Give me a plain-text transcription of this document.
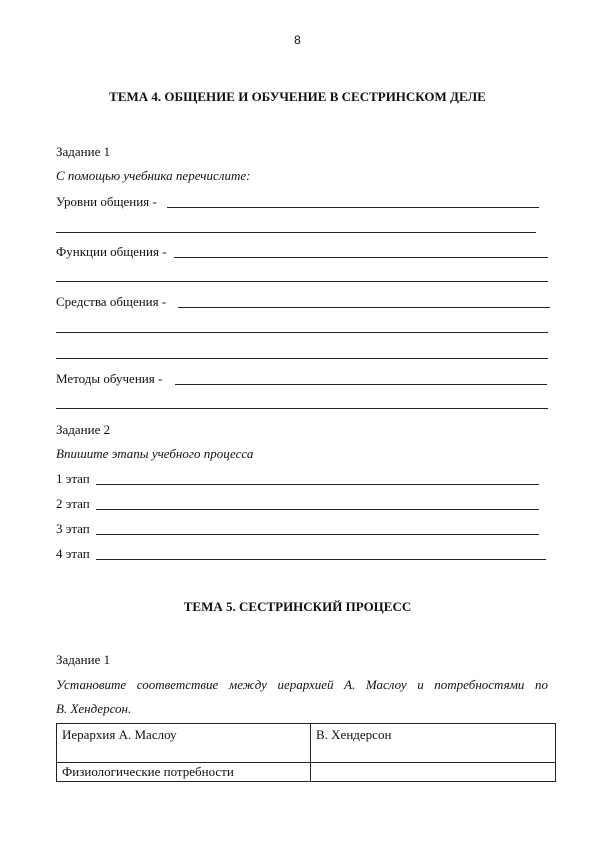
8
ТЕМА 4. ОБЩЕНИЕ И ОБУЧЕНИЕ В СЕСТРИНСКОМ ДЕЛЕ
Задание 1
С помощью учебника перечислите:
Уровни общения -
Функции общения -
Средства общения -
Методы обучения -
Задание 2
Впишите этапы учебного процесса
1 этап
2 этап
3 этап
4 этап
ТЕМА 5. СЕСТРИНСКИЙ ПРОЦЕСС
Задание 1
Установите соответствие между иерархией А. Маслоу и потребностями по
В. Хендерсон.
Иерархия А. Маслоу	В. Хендерсон
Физиологические потребности	
